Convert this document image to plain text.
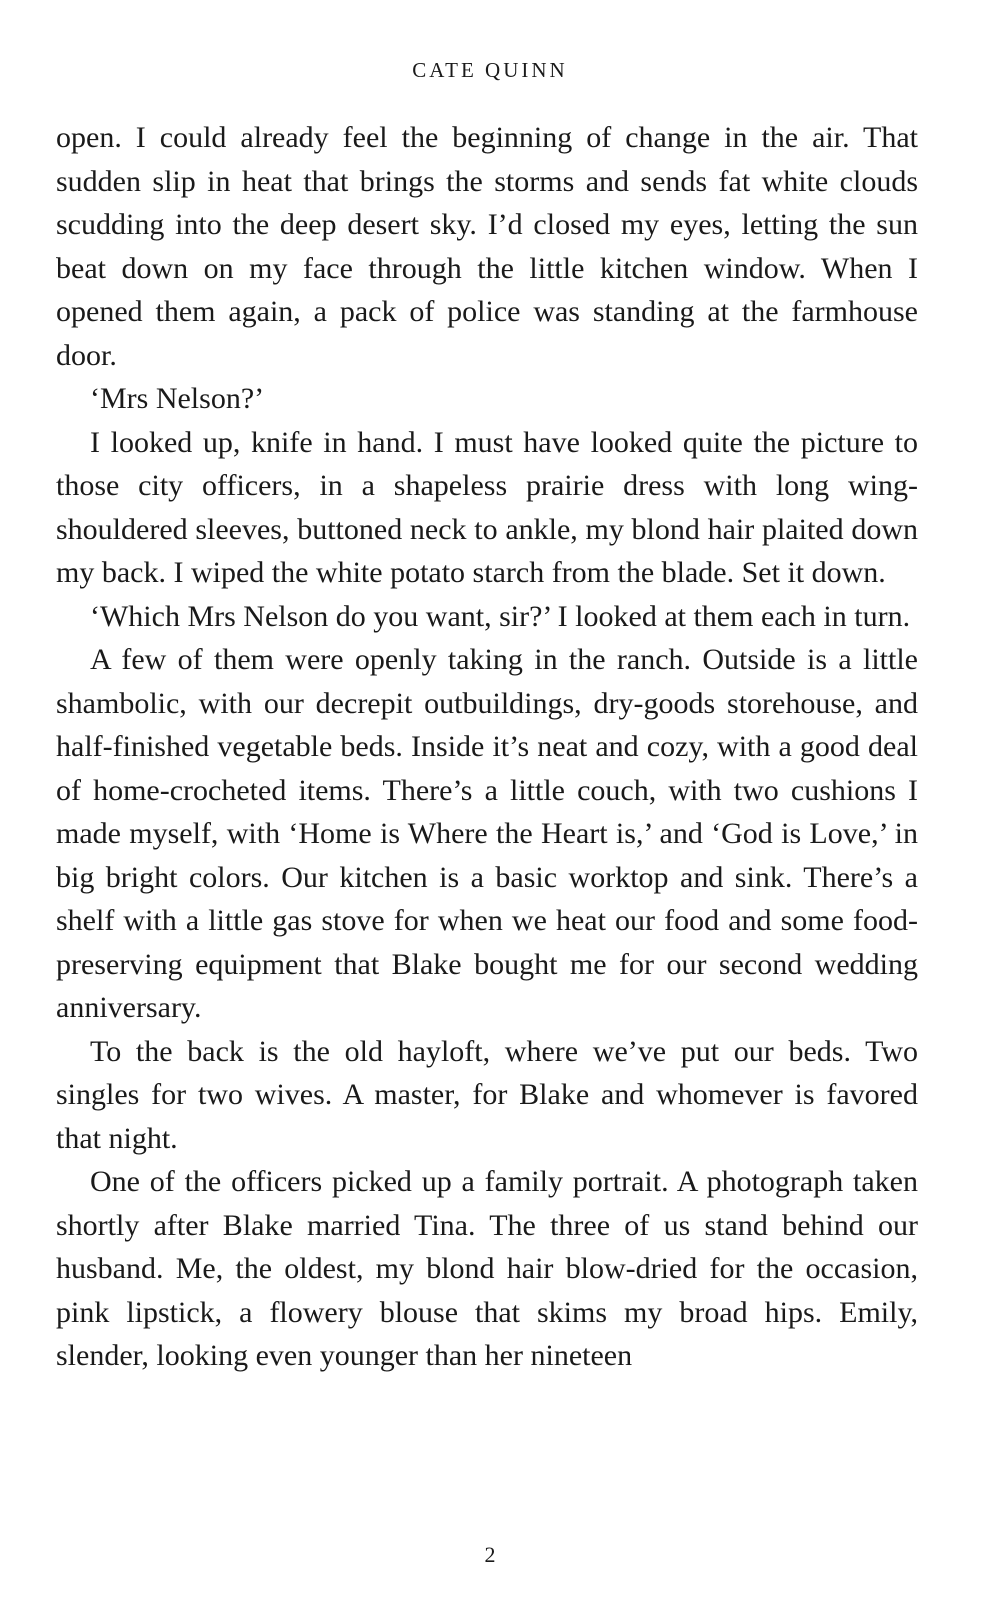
CATE QUINN

open. I could already feel the beginning of change in the air. That sudden slip in heat that brings the storms and sends fat white clouds scudding into the deep desert sky. I’d closed my eyes, letting the sun beat down on my face through the little kitchen window. When I opened them again, a pack of police was standing at the farmhouse door.

‘Mrs Nelson?’

I looked up, knife in hand. I must have looked quite the picture to those city officers, in a shapeless prairie dress with long wing-shouldered sleeves, buttoned neck to ankle, my blond hair plaited down my back. I wiped the white potato starch from the blade. Set it down.

‘Which Mrs Nelson do you want, sir?’ I looked at them each in turn.

A few of them were openly taking in the ranch. Outside is a little shambolic, with our decrepit outbuildings, dry-goods storehouse, and half-finished vegetable beds. Inside it’s neat and cozy, with a good deal of home-crocheted items. There’s a little couch, with two cushions I made myself, with ‘Home is Where the Heart is,’ and ‘God is Love,’ in big bright colors. Our kitchen is a basic worktop and sink. There’s a shelf with a little gas stove for when we heat our food and some food-preserving equipment that Blake bought me for our second wedding anniversary.

To the back is the old hayloft, where we’ve put our beds. Two singles for two wives. A master, for Blake and whomever is favored that night.

One of the officers picked up a family portrait. A photograph taken shortly after Blake married Tina. The three of us stand behind our husband. Me, the oldest, my blond hair blow-dried for the occasion, pink lipstick, a flowery blouse that skims my broad hips. Emily, slender, looking even younger than her nineteen

2
